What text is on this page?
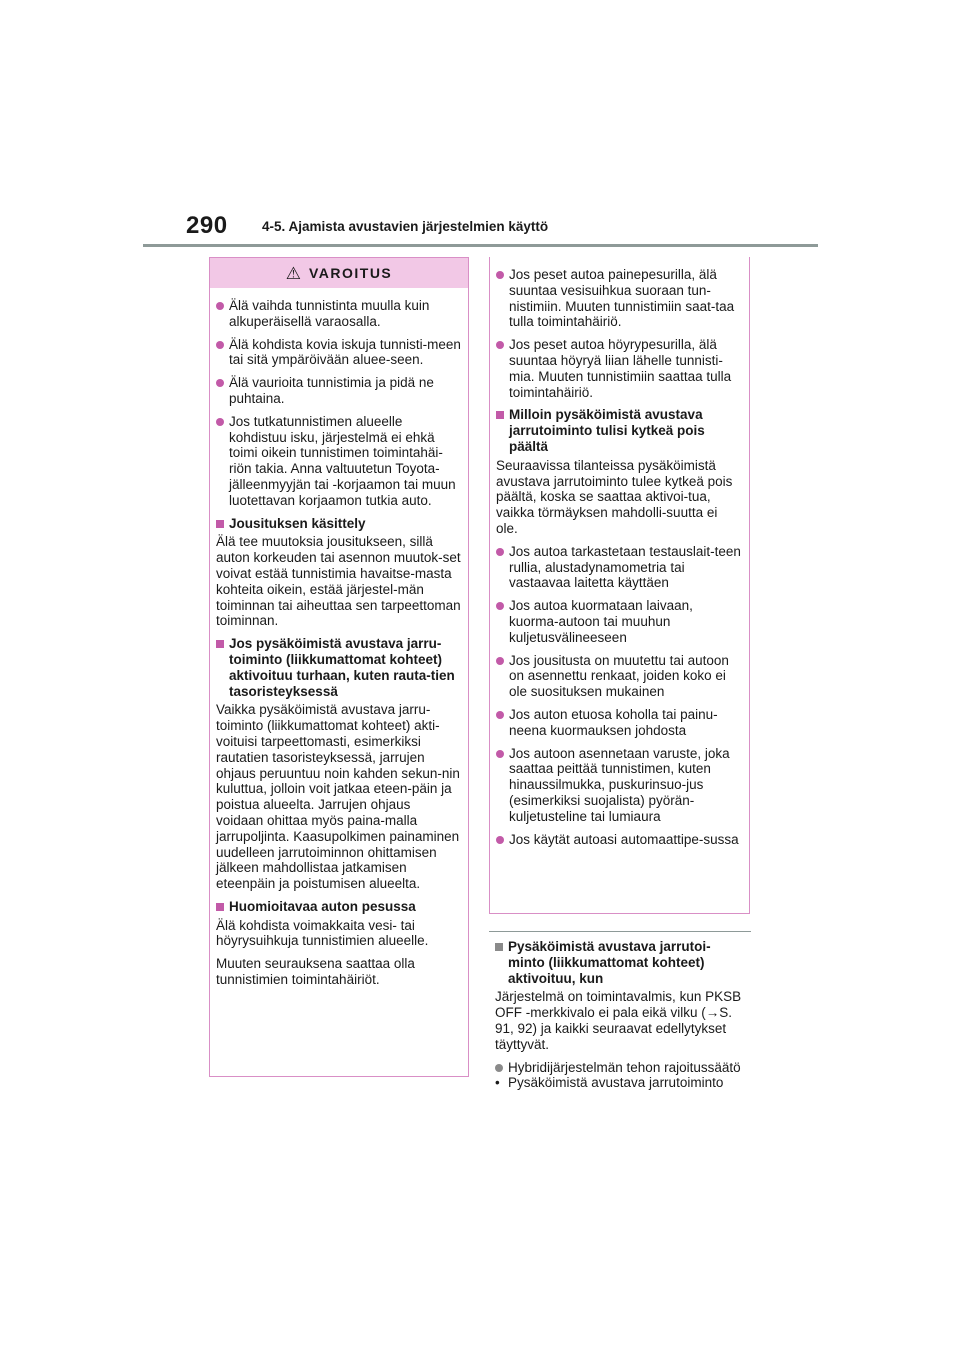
290	4-5. Ajamista avustavien järjestelmien käyttö
⚠ VAROITUS
Älä vaihda tunnistinta muulla kuin alkuperäisellä varaosalla.
Älä kohdista kovia iskuja tunnisti-meen tai sitä ympäröivään aluee-seen.
Älä vaurioita tunnistimia ja pidä ne puhtaina.
Jos tutkatunnistimen alueelle kohdistuu isku, järjestelmä ei ehkä toimi oikein tunnistimen toimintahäi-riön takia. Anna valtuutetun Toyota-jälleenmyyjän tai -korjaamon tai muun luotettavan korjaamon tutkia auto.
Jousituksen käsittely
Älä tee muutoksia jousitukseen, sillä auton korkeuden tai asennon muutok-set voivat estää tunnistimia havaitse-masta kohteita oikein, estää järjestel-män toiminnan tai aiheuttaa sen tarpeettoman toiminnan.
Jos pysäköimistä avustava jarru-toiminto (liikkumattomat kohteet) aktivoituu turhaan, kuten rauta-tien tasoristeyksessä
Vaikka pysäköimistä avustava jarru-toiminto (liikkumattomat kohteet) akti-voituisi tarpeettomasti, esimerkiksi rautatien tasoristeyksessä, jarrujen ohjaus peruuntuu noin kahden sekun-nin kuluttua, jolloin voit jatkaa eteen-päin ja poistua alueelta. Jarrujen ohjaus voidaan ohittaa myös paina-malla jarrupoljinta. Kaasupolkimen painaminen uudelleen jarrutoiminnon ohittamisen jälkeen mahdollistaa jatkamisen eteenpäin ja poistumisen alueelta.
Huomioitavaa auton pesussa
Älä kohdista voimakkaita vesi- tai höyrysuihkuja tunnistimien alueelle.
Muuten seurauksena saattaa olla tunnistimien toimintahäiriöt.
Jos peset autoa painepesurilla, älä suuntaa vesisuihkua suoraan tun-nistimiin. Muuten tunnistimiin saat-taa tulla toimintahäiriö.
Jos peset autoa höyrypesurilla, älä suuntaa höyryä liian lähelle tunnisti-mia. Muuten tunnistimiin saattaa tulla toimintahäiriö.
Milloin pysäköimistä avustava jarrutoiminto tulisi kytkeä pois päältä
Seuraavissa tilanteissa pysäköimistä avustava jarrutoiminto tulee kytkeä pois päältä, koska se saattaa aktivoi-tua, vaikka törmäyksen mahdolli-suutta ei ole.
Jos autoa tarkastetaan testauslait-teen rullia, alustadynamometria tai vastaavaa laitetta käyttäen
Jos autoa kuormataan laivaan, kuorma-autoon tai muuhun kuljetusvälineeseen
Jos jousitusta on muutettu tai autoon on asennettu renkaat, joiden koko ei ole suosituksen mukainen
Jos auton etuosa koholla tai painu-neena kuormauksen johdosta
Jos autoon asennetaan varuste, joka saattaa peittää tunnistimen, kuten hinaussilmukka, puskurinsuo-jus (esimerkiksi suojalista) pyörän-kuljetusteline tai lumiaura
Jos käytät autoasi automaattipe-sussa
Pysäköimistä avustava jarrutoi-minto (liikkumattomat kohteet) aktivoituu, kun
Järjestelmä on toimintavalmis, kun PKSB OFF -merkkivalo ei pala eikä vilku (→S. 91, 92) ja kaikki seuraavat edellytykset täyttyvät.
Hybridijärjestelmän tehon rajoitussäätö
• Pysäköimistä avustava jarrutoiminto
